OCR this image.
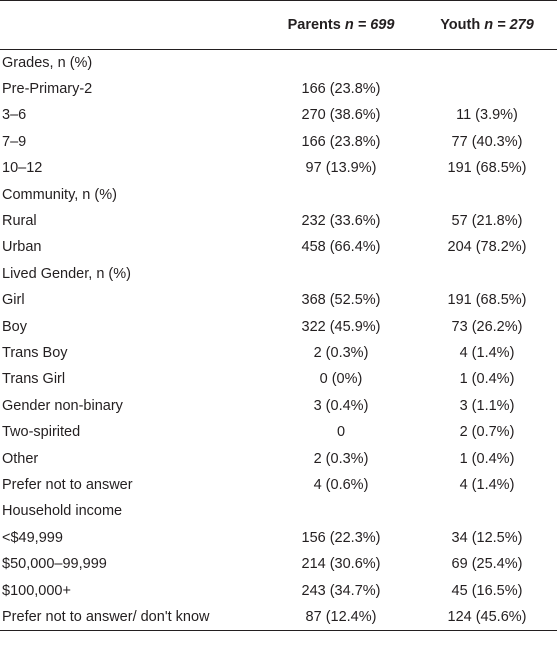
	Parents n = 699	Youth n = 279
Grades, n (%)		
Pre-Primary-2	166 (23.8%)	
3–6	270 (38.6%)	11 (3.9%)
7–9	166 (23.8%)	77 (40.3%)
10–12	97 (13.9%)	191 (68.5%)
Community, n (%)		
Rural	232 (33.6%)	57 (21.8%)
Urban	458 (66.4%)	204 (78.2%)
Lived Gender, n (%)		
Girl	368 (52.5%)	191 (68.5%)
Boy	322 (45.9%)	73 (26.2%)
Trans Boy	2 (0.3%)	4 (1.4%)
Trans Girl	0 (0%)	1 (0.4%)
Gender non-binary	3 (0.4%)	3 (1.1%)
Two-spirited	0	2 (0.7%)
Other	2 (0.3%)	1 (0.4%)
Prefer not to answer	4 (0.6%)	4 (1.4%)
Household income		
<$49,999	156 (22.3%)	34 (12.5%)
$50,000–99,999	214 (30.6%)	69 (25.4%)
$100,000+	243 (34.7%)	45 (16.5%)
Prefer not to answer/ don't know	87 (12.4%)	124 (45.6%)
